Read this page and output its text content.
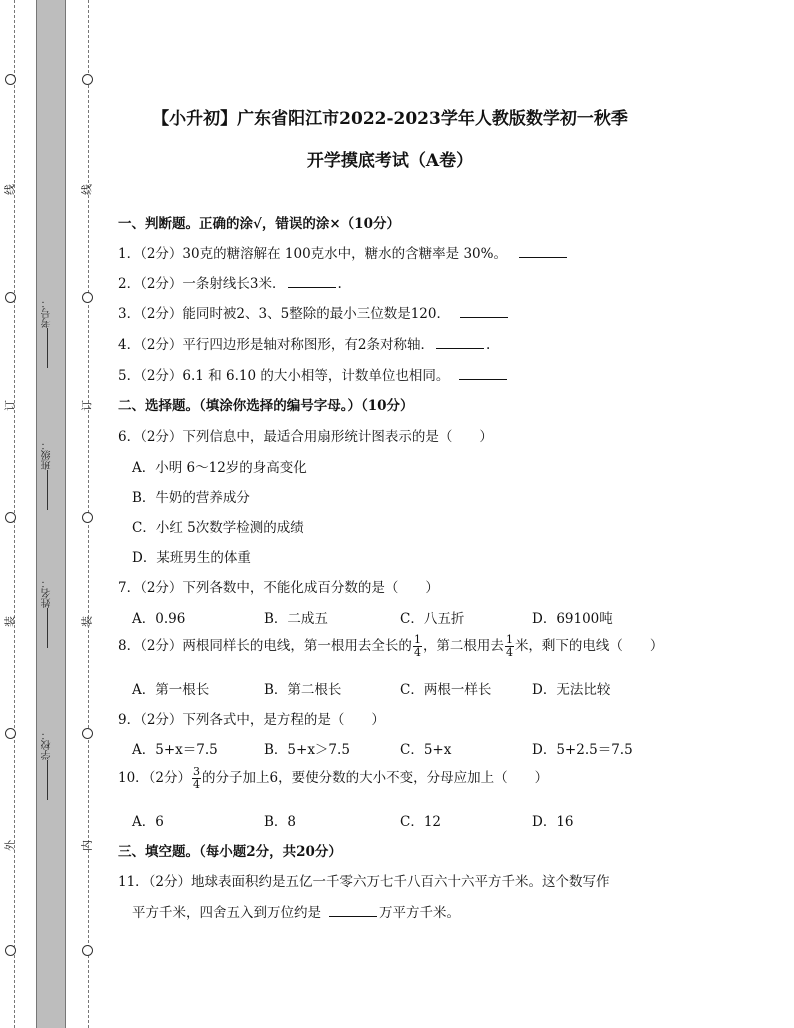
线
订
装
外
线
订
装
内
考号：
班级：
姓名：
学校：
【小升初】广东省阳江市2022-2023学年人教版数学初一秋季
开学摸底考试（A卷）
一、判断题。正确的涂√，错误的涂×（10分）
1．（2分）30克的糖溶解在 100克水中，糖水的含糖率是 30%。
2．（2分）一条射线长3米．	.
3．（2分）能同时被2、3、5整除的最小三位数是120．
4．（2分）平行四边形是轴对称图形，有2条对称轴．	.
5．（2分）6.1 和 6.10 的大小相等，计数单位也相同。
二、选择题。（填涂你选择的编号字母。）（10分）
6．（2分）下列信息中，最适合用扇形统计图表示的是（　　）
A．小明 6～12岁的身高变化
B．牛奶的营养成分
C．小红 5次数学检测的成绩
D．某班男生的体重
7．（2分）下列各数中，不能化成百分数的是（　　）
A．0.96	B．二成五	C．八五折	D．69100吨
8．（2分）两根同样长的电线，第一根用去全长的 $\frac{1}{4}$ ，第二根用去 $\frac{1}{4}$ 米，剩下的电线（　　）
A．第一根长	B．第二根长	C．两根一样长	D．无法比较
9．（2分）下列各式中，是方程的是（　　）
A．5+x＝7.5	B．5+x＞7.5	C．5+x	D．5+2.5＝7.5
10．（2分） $\frac{3}{4}$ 的分子加上6，要使分数的大小不变，分母应加上（　　）
A．6	B．8	C．12	D．16
三、填空题。（每小题2分，共20分）
11．（2分）地球表面积约是五亿一千零六万七千八百六十六平方千米。这个数写作
平方千米，四舍五入到万位约是	万平方千米。
